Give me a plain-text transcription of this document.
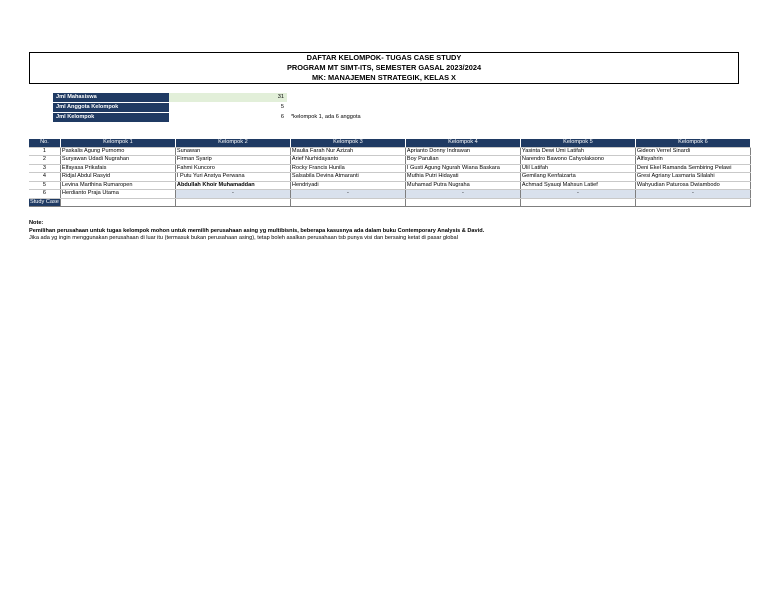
DAFTAR KELOMPOK- TUGAS CASE STUDY
PROGRAM MT SIMT-ITS, SEMESTER GASAL 2023/2024
MK: MANAJEMEN STRATEGIK, KELAS X
Jml Mahasiswa	31
Jml Anggota Kelompok	5
Jml Kelompok	6	*kelompok 1, ada 6 anggota
No.	Kelompok 1	Kelompok 2	Kelompok 3	Kelompok 4	Kelompok 5	Kelompok 6
1	Paskalis Agung Purnomo	Sunawan	Maulia Farah Nur Azizah	Aprianto Donny Indrawan	Yasinta Dewi Umi Latifah	Gideon Verrel Sinardi
2	Suryawan Udadi Nugrahan	Firman Syarip	Arief Nurhidayanto	Boy Parulian	Narendro Bawono Cahyolaksono	Alfisyahrin
3	Elfayasa Prikafais	Fahmi Kuncoro	Rocky Francis Hunila	I Gusti Agung Ngurah Wiana Baskara	Ulil Latifah	Deni Ekel Ramanda Sembiring Pelawi
4	Ridjal Abdul Rasyid	I Putu Yuri Anstya Perwana	Salsabila Devina Atmaranti	Muthia Putri Hidayati	Gemilang Kenfaizarta	Gresi Agriany Lasmaria Silalahi
5	Levina Marthina Rumaropen	Abdullah Khoir Muhamaddan	Hendriyadi	Muhamad Putra Nugraha	Achmad Syauqi Mahsun Latief	Wahyudian Paturosa Dwiambodo
6	Herdianto Praja Utama	-	-	-	-	-
Study Case						
Note:
Pemilihan perusahaan untuk tugas kelompok mohon untuk memilih perusahaan asing yg multibisnis, beberapa kasusnya ada dalam buku Contemporary Analysis & David.
Jika ada yg ingin menggunakan perusahaan di luar itu (termasuk bukan perusahaan asing), tetap boleh asalkan perusahaan tsb punya visi dan bersaing ketat di pasar global
